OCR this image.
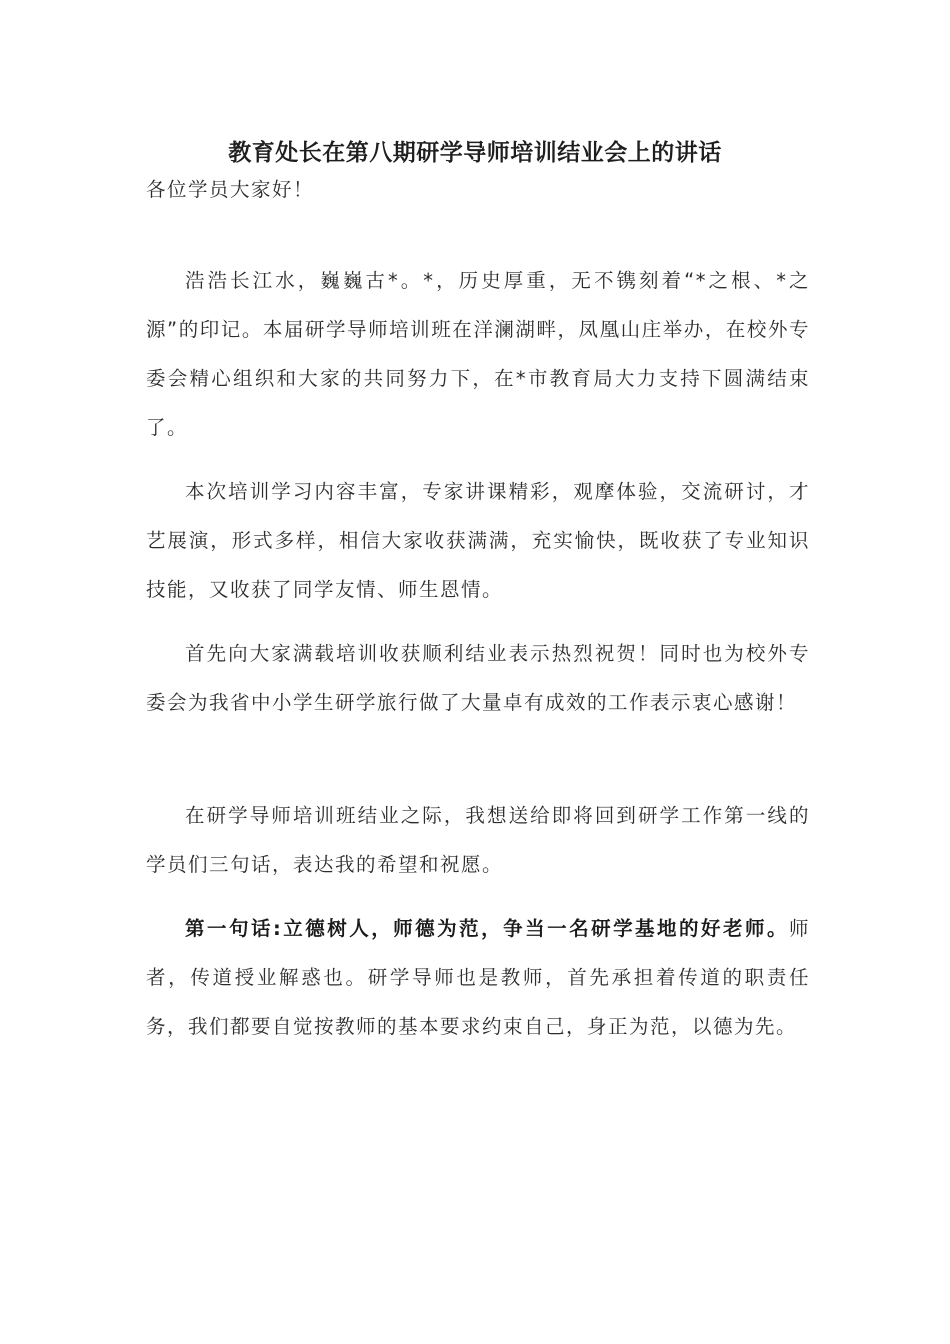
教育处长在第八期研学导师培训结业会上的讲话
各位学员大家好！
浩浩长江水，巍巍古*。*，历史厚重，无不镌刻着“*之根、*之源”的印记。本届研学导师培训班在洋澜湖畔，凤凰山庄举办，在校外专委会精心组织和大家的共同努力下，在*市教育局大力支持下圆满结束了。
本次培训学习内容丰富，专家讲课精彩，观摩体验，交流研讨，才艺展演，形式多样，相信大家收获满满，充实愉快，既收获了专业知识技能，又收获了同学友情、师生恩情。
首先向大家满载培训收获顺利结业表示热烈祝贺！同时也为校外专委会为我省中小学生研学旅行做了大量卓有成效的工作表示衷心感谢！
在研学导师培训班结业之际，我想送给即将回到研学工作第一线的学员们三句话，表达我的希望和祝愿。
第一句话:立德树人，师德为范，争当一名研学基地的好老师。师者，传道授业解惑也。研学导师也是教师，首先承担着传道的职责任务，我们都要自觉按教师的基本要求约束自己，身正为范，以德为先。
